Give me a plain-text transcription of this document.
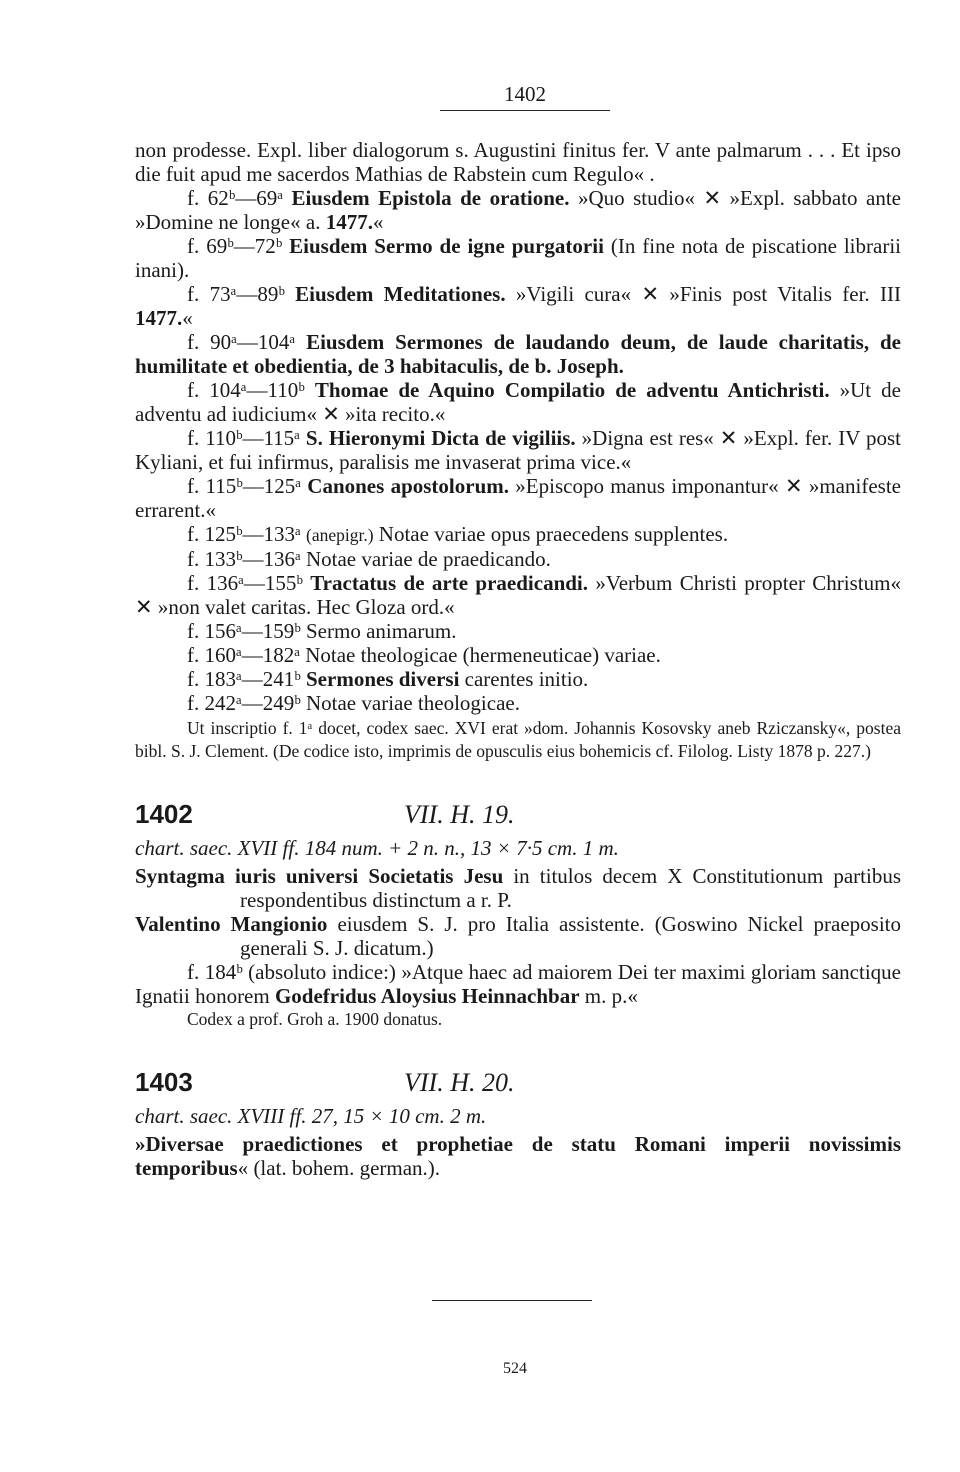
1402

non prodesse. Expl. liber dialogorum s. Augustini finitus fer. V ante palmarum . . . Et ipso die fuit apud me sacerdos Mathias de Rabstein cum Regulo« .

f. 62ᵇ—69ᵃ Eiusdem Epistola de oratione. »Quo studio« ✕ »Expl. sabbato ante »Domine ne longe« a. 1477.«

f. 69ᵇ—72ᵇ Eiusdem Sermo de igne purgatorii (In fine nota de piscatione librarii inani).

f. 73ᵃ—89ᵇ Eiusdem Meditationes. »Vigili cura« ✕ »Finis post Vitalis fer. III 1477.«

f. 90ᵃ—104ᵃ Eiusdem Sermones de laudando deum, de laude charitatis, de humilitate et obedientia, de 3 habitaculis, de b. Joseph.

f. 104ᵃ—110ᵇ Thomae de Aquino Compilatio de adventu Antichristi. »Ut de adventu ad iudicium« ✕ »ita recito.«

f. 110ᵇ—115ᵃ S. Hieronymi Dicta de vigiliis. »Digna est res« ✕ »Expl. fer. IV post Kyliani, et fui infirmus, paralisis me invaserat prima vice.«

f. 115ᵇ—125ᵃ Canones apostolorum. »Episcopo manus imponantur« ✕ »manifeste errarent.«

f. 125ᵇ—133ᵃ (anepigr.) Notae variae opus praecedens supplentes.

f. 133ᵇ—136ᵃ Notae variae de praedicando.

f. 136ᵃ—155ᵇ Tractatus de arte praedicandi. »Verbum Christi propter Christum« ✕ »non valet caritas. Hec Gloza ord.«

f. 156ᵃ—159ᵇ Sermo animarum.

f. 160ᵃ—182ᵃ Notae theologicae (hermeneuticae) variae.

f. 183ᵃ—241ᵇ Sermones diversi carentes initio.

f. 242ᵃ—249ᵇ Notae variae theologicae.

Ut inscriptio f. 1ᵃ docet, codex saec. XVI erat »dom. Johannis Kosovsky aneb Rziczansky«, postea bibl. S. J. Clement. (De codice isto, imprimis de opusculis eius bohemicis cf. Filolog. Listy 1878 p. 227.)

1402	VII. H. 19.

chart. saec. XVII ff. 184 num. + 2 n. n., 13 × 7·5 cm. 1 m.

Syntagma iuris universi Societatis Jesu in titulos decem X Constitutionum partibus respondentibus distinctum a r. P.

Valentino Mangionio eiusdem S. J. pro Italia assistente. (Goswino Nickel praeposito generali S. J. dicatum.)

f. 184ᵇ (absoluto indice:) »Atque haec ad maiorem Dei ter maximi gloriam sanctique Ignatii honorem Godefridus Aloysius Heinnachbar m. p.«

Codex a prof. Groh a. 1900 donatus.

1403	VII. H. 20.

chart. saec. XVIII ff. 27, 15 × 10 cm. 2 m.

»Diversae praedictiones et prophetiae de statu Romani imperii novissimis temporibus« (lat. bohem. german.).

524
